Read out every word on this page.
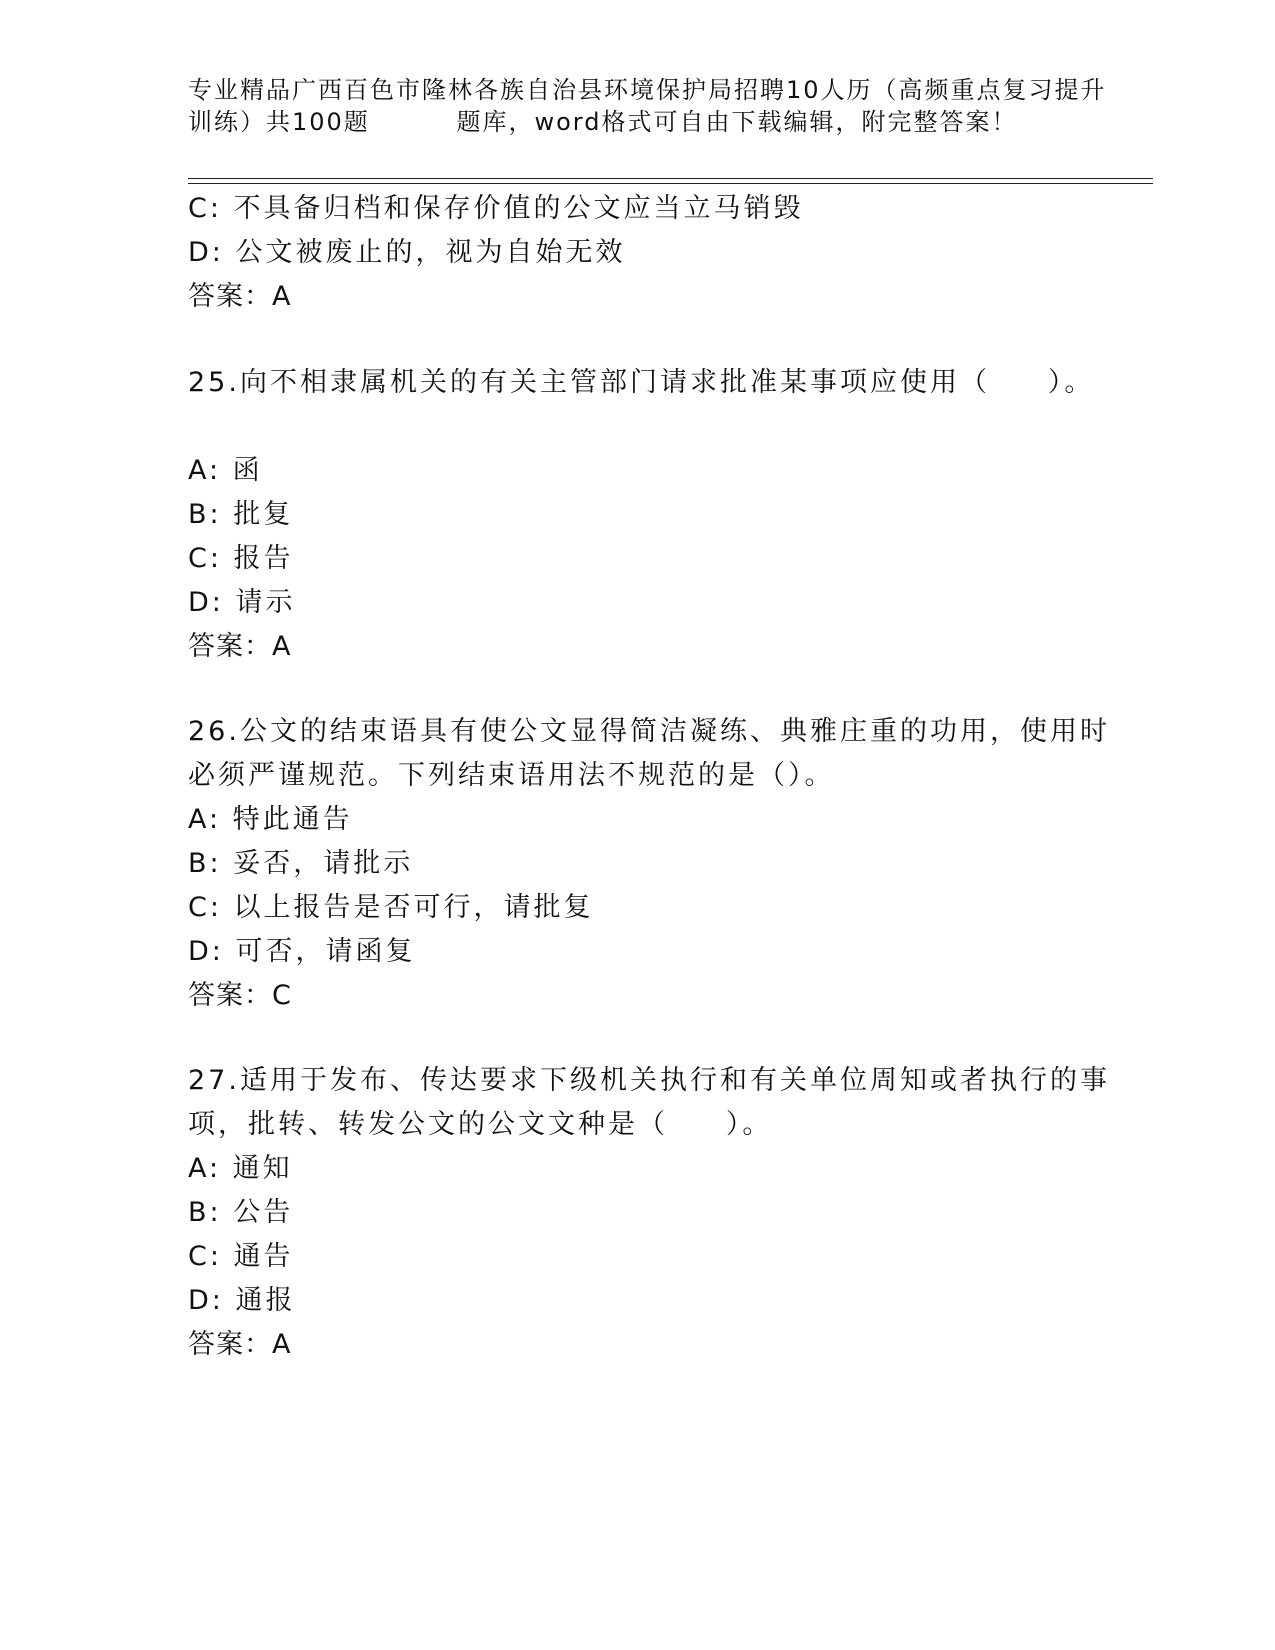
专业精品广西百色市隆林各族自治县环境保护局招聘10人历（高频重点复习提升
训练）共100题         题库，word格式可自由下载编辑，附完整答案！
C: 不具备归档和保存价值的公文应当立马销毁
D: 公文被废止的，视为自始无效
答案：A
25.向不相隶属机关的有关主管部门请求批准某事项应使用（     ）。
A: 函
B: 批复
C: 报告
D: 请示
答案：A
26.公文的结束语具有使公文显得简洁凝练、典雅庄重的功用，使用时
必须严谨规范。下列结束语用法不规范的是（）。
A: 特此通告
B: 妥否，请批示
C: 以上报告是否可行，请批复
D: 可否，请函复
答案：C
27.适用于发布、传达要求下级机关执行和有关单位周知或者执行的事
项，批转、转发公文的公文文种是（     ）。
A: 通知
B: 公告
C: 通告
D: 通报
答案：A
